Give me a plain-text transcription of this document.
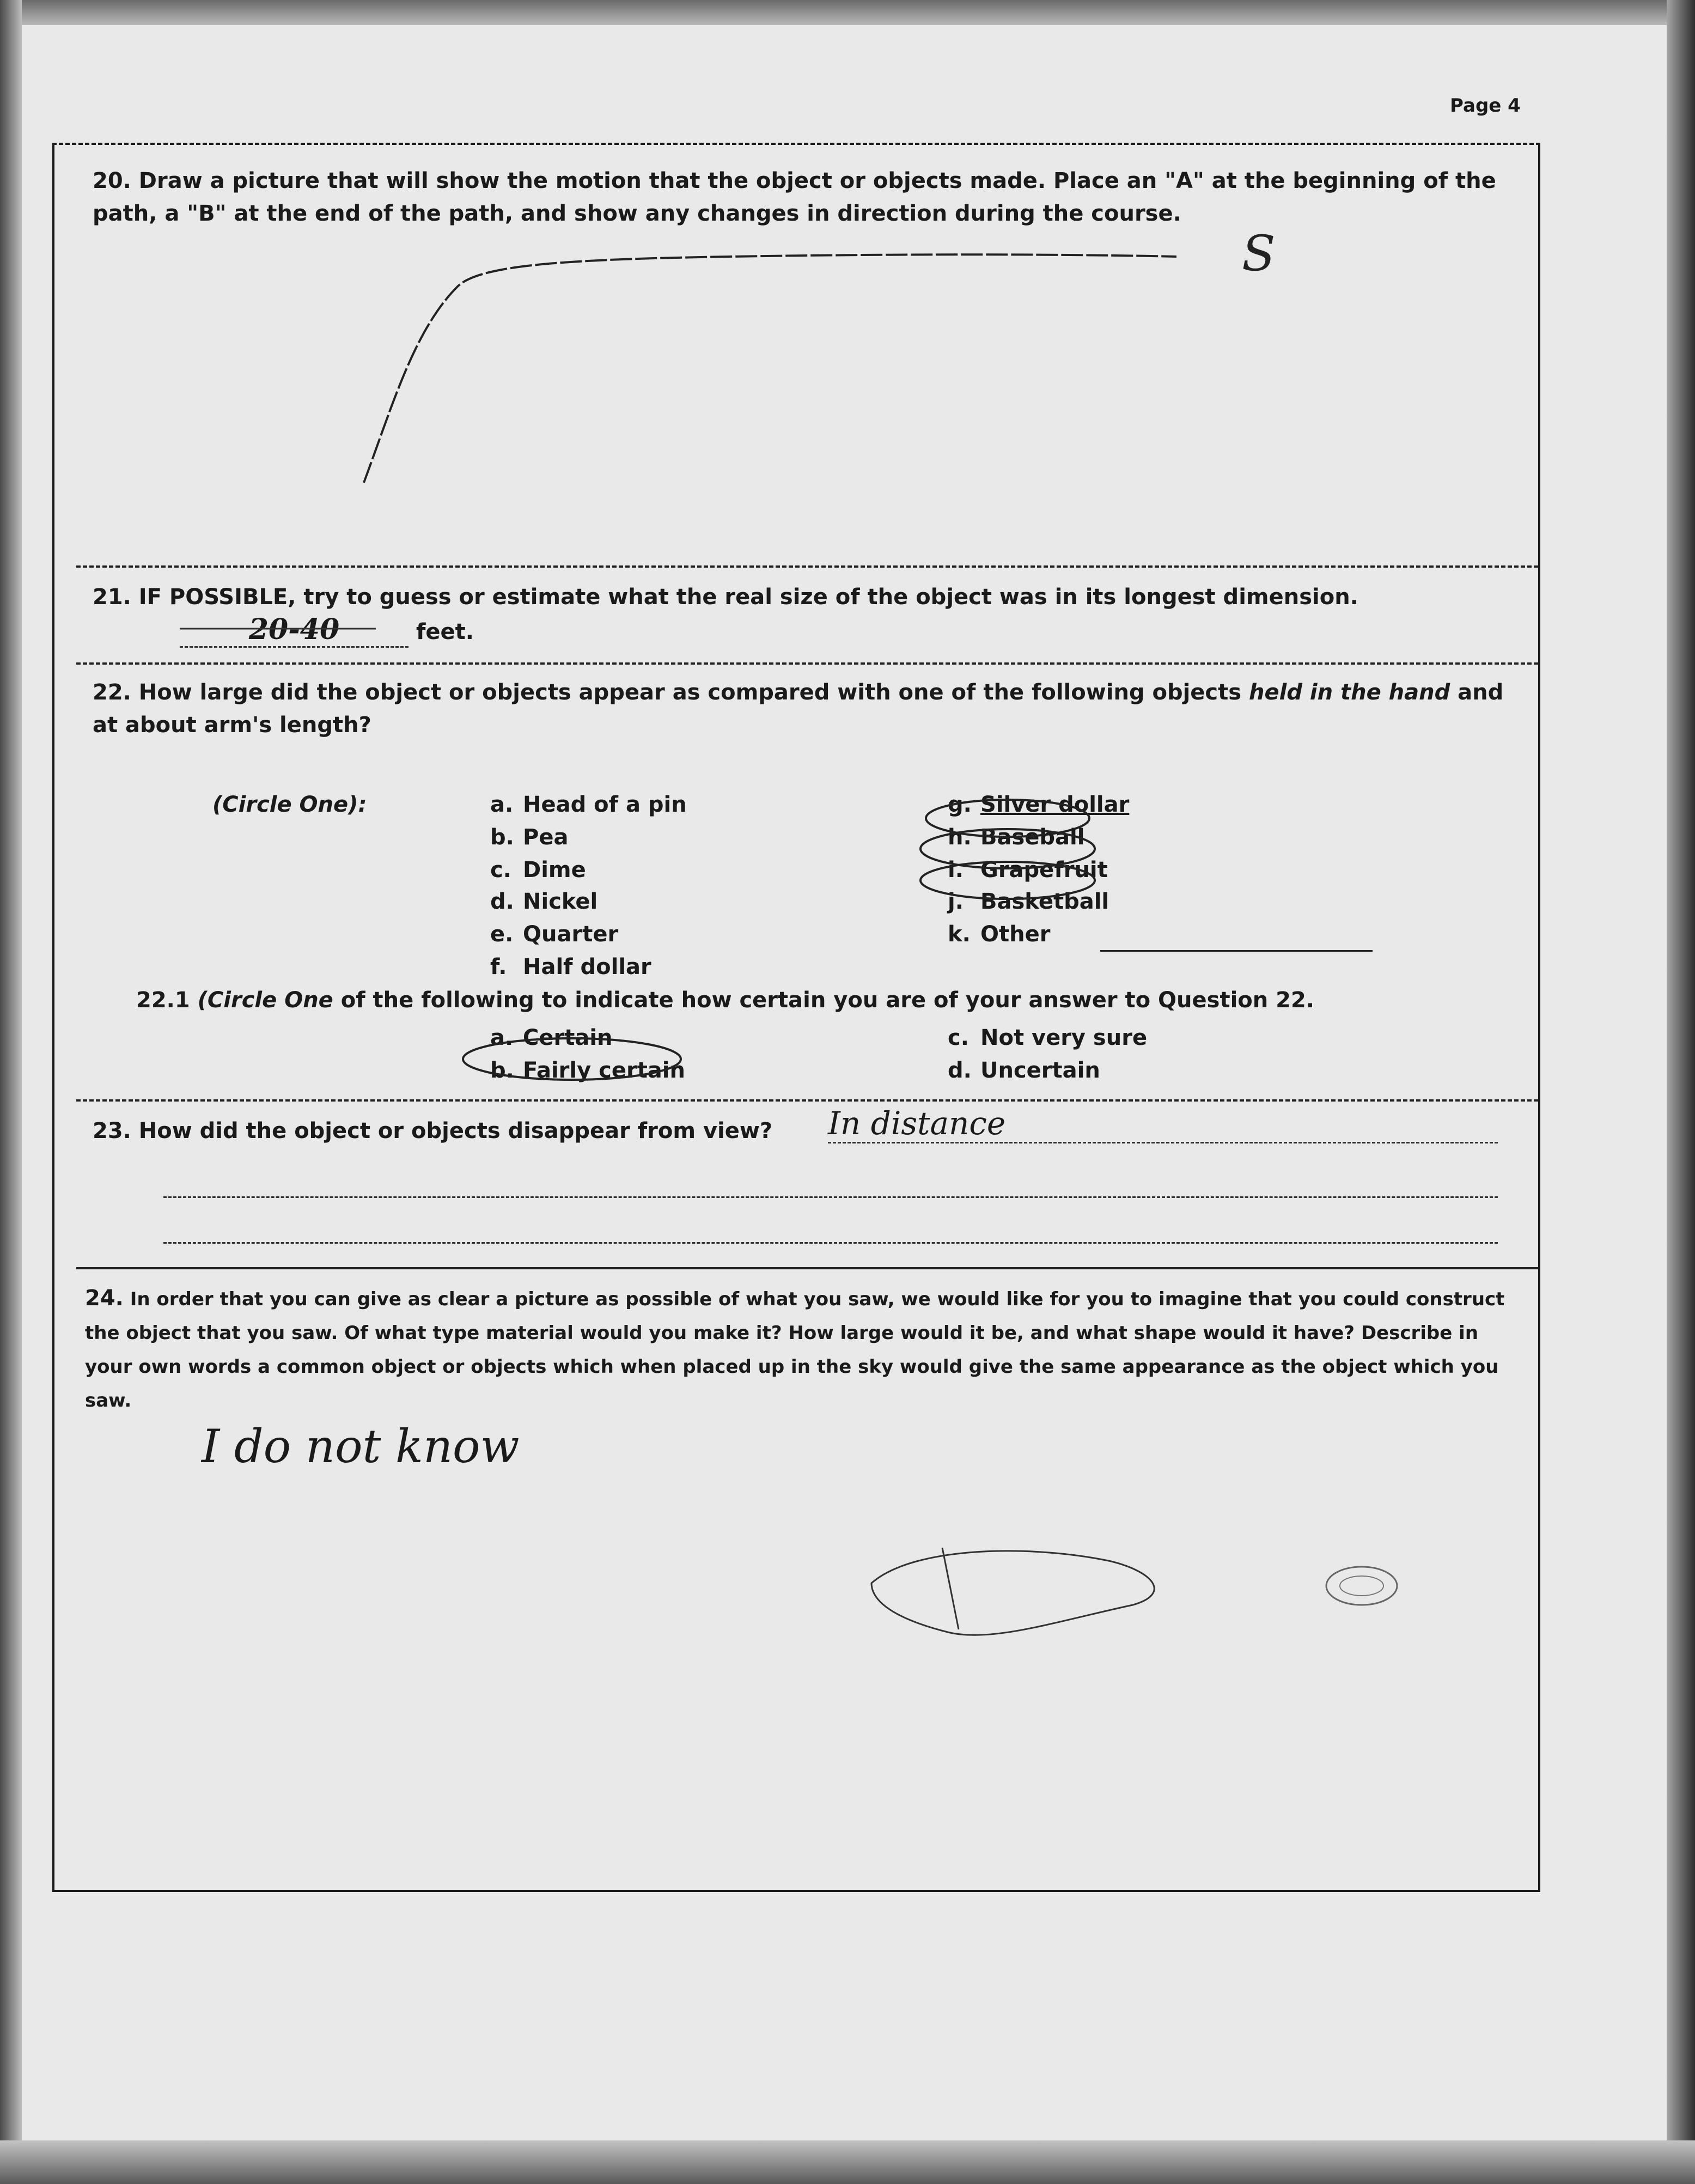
Page 4
20. Draw a picture that will show the motion that the object or objects made. Place an "A" at the beginning of the path, a "B" at the end of the path, and show any changes in direction during the course.
21. IF POSSIBLE, try to guess or estimate what the real size of the object was in its longest dimension.
20-40	feet.
22. How large did the object or objects appear as compared with one of the following objects held in the hand and at about arm's length?
(Circle One):	a. Head of a pin
b. Pea
c. Dime
d. Nickel
e. Quarter
f. Half dollar
g. Silver dollar
h. Baseball
i. Grapefruit
j. Basketball
k. Other
22.1 (Circle One of the following to indicate how certain you are of your answer to Question 22.
a. Certain
b. Fairly certain
c. Not very sure
d. Uncertain
23. How did the object or objects disappear from view? In distance
24. In order that you can give as clear a picture as possible of what you saw, we would like for you to imagine that you could construct the object that you saw. Of what type material would you make it? How large would it be, and what shape would it have? Describe in your own words a common object or objects which when placed up in the sky would give the same appearance as the object which you saw.
I do not know
S
